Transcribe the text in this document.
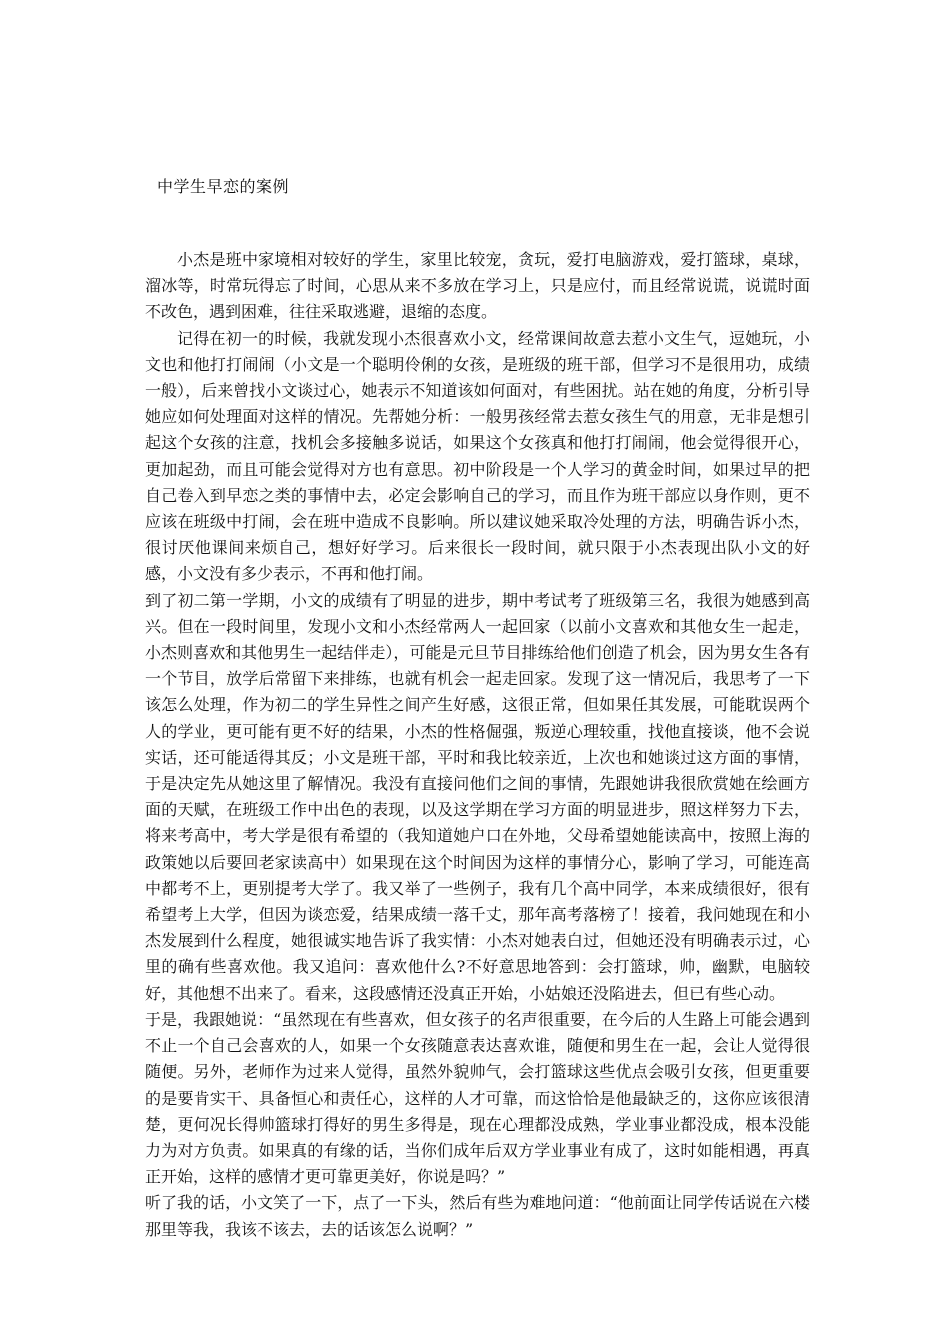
中学生早恋的案例

小杰是班中家境相对较好的学生，家里比较宠，贪玩，爱打电脑游戏，爱打篮球，桌球，溜冰等，时常玩得忘了时间，心思从来不多放在学习上，只是应付，而且经常说谎，说谎时面不改色，遇到困难，往往采取逃避，退缩的态度。

记得在初一的时候，我就发现小杰很喜欢小文，经常课间故意去惹小文生气，逗她玩，小文也和他打打闹闹（小文是一个聪明伶俐的女孩，是班级的班干部，但学习不是很用功，成绩一般），后来曾找小文谈过心，她表示不知道该如何面对，有些困扰。站在她的角度，分析引导她应如何处理面对这样的情况。先帮她分析：一般男孩经常去惹女孩生气的用意，无非是想引起这个女孩的注意，找机会多接触多说话，如果这个女孩真和他打打闹闹，他会觉得很开心，更加起劲，而且可能会觉得对方也有意思。初中阶段是一个人学习的黄金时间，如果过早的把自己卷入到早恋之类的事情中去，必定会影响自己的学习，而且作为班干部应以身作则，更不应该在班级中打闹，会在班中造成不良影响。所以建议她采取冷处理的方法，明确告诉小杰，很讨厌他课间来烦自己，想好好学习。后来很长一段时间，就只限于小杰表现出队小文的好感，小文没有多少表示，不再和他打闹。

到了初二第一学期，小文的成绩有了明显的进步，期中考试考了班级第三名，我很为她感到高兴。但在一段时间里，发现小文和小杰经常两人一起回家（以前小文喜欢和其他女生一起走，小杰则喜欢和其他男生一起结伴走），可能是元旦节目排练给他们创造了机会，因为男女生各有一个节目，放学后常留下来排练，也就有机会一起走回家。发现了这一情况后，我思考了一下该怎么处理，作为初二的学生异性之间产生好感，这很正常，但如果任其发展，可能耽误两个人的学业，更可能有更不好的结果，小杰的性格倔强，叛逆心理较重，找他直接谈，他不会说实话，还可能适得其反；小文是班干部，平时和我比较亲近，上次也和她谈过这方面的事情，于是决定先从她这里了解情况。我没有直接问他们之间的事情，先跟她讲我很欣赏她在绘画方面的天赋，在班级工作中出色的表现，以及这学期在学习方面的明显进步，照这样努力下去，将来考高中，考大学是很有希望的（我知道她户口在外地，父母希望她能读高中，按照上海的政策她以后要回老家读高中）如果现在这个时间因为这样的事情分心，影响了学习，可能连高中都考不上，更别提考大学了。我又举了一些例子，我有几个高中同学，本来成绩很好，很有希望考上大学，但因为谈恋爱，结果成绩一落千丈，那年高考落榜了！接着，我问她现在和小杰发展到什么程度，她很诚实地告诉了我实情：小杰对她表白过，但她还没有明确表示过，心里的确有些喜欢他。我又追问：喜欢他什么?不好意思地答到：会打篮球，帅，幽默，电脑较好，其他想不出来了。看来，这段感情还没真正开始，小姑娘还没陷进去，但已有些心动。

于是，我跟她说：“虽然现在有些喜欢，但女孩子的名声很重要，在今后的人生路上可能会遇到不止一个自己会喜欢的人，如果一个女孩随意表达喜欢谁，随便和男生在一起，会让人觉得很随便。另外，老师作为过来人觉得，虽然外貌帅气，会打篮球这些优点会吸引女孩，但更重要的是要肯实干、具备恒心和责任心，这样的人才可靠，而这恰恰是他最缺乏的，这你应该很清楚，更何况长得帅篮球打得好的男生多得是，现在心理都没成熟，学业事业都没成，根本没能力为对方负责。如果真的有缘的话，当你们成年后双方学业事业有成了，这时如能相遇，再真正开始，这样的感情才更可靠更美好，你说是吗？”

听了我的话，小文笑了一下，点了一下头，然后有些为难地问道：“他前面让同学传话说在六楼那里等我，我该不该去，去的话该怎么说啊？”
